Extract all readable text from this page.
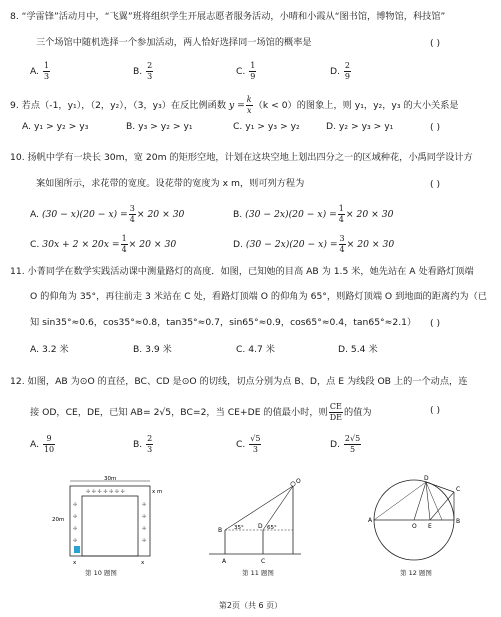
8. “学雷锋”活动月中，“飞翼”班将组织学生开展志愿者服务活动，小晴和小霞从“图书馆，博物馆，科技馆”
三个场馆中随机选择一个参加活动，两人恰好选择同一场馆的概率是	( )
A. $\frac{1}{3}$	B. $\frac{2}{3}$	C. $\frac{1}{9}$	D. $\frac{2}{9}$
9. 若点（-1，y₁），（2，y₂），（3，y₃）在反比例函数 $y = \frac{k}{x} (k < 0)$的图象上，则 y₁，y₂，y₃ 的大小关系是
A. y₁ > y₂ > y₃	B. y₃ > y₂ > y₁	C. y₁ > y₃ > y₂	D. y₂ > y₃ > y₁	( )
10. 扬帆中学有一块长 30m，宽 20m 的矩形空地，计划在这块空地上划出四分之一的区域种花，小禹同学设计方
案如图所示，求花带的宽度。设花带的宽度为 x m，则可列方程为	( )
A. $(30 - x)(20 - x) = \frac{3}{4} \times 20 \times 30$	B. $(30 - 2x)(20 - x) = \frac{1}{4} \times 20 \times 30$
C. $30x + 2 \times 20x = \frac{1}{4} \times 20 \times 30$	D. $(30 - 2x)(20 - x) = \frac{3}{4} \times 20 \times 30$
11. 小菁同学在数学实践活动课中测量路灯的高度．如图，已知她的目高 AB 为 1.5 米，她先站在 A 处看路灯顶端
O 的仰角为 35°，再往前走 3 米站在 C 处，看路灯顶端 O 的仰角为 65°，则路灯顶端 O 到地面的距离约为（已
知 sin35°≈0.6，cos35°≈0.8，tan35°≈0.7，sin65°≈0.9，cos65°≈0.4，tan65°≈2.1） ( )
A. 3.2 米	B. 3.9 米	C. 4.7 米	D. 5.4 米
12. 如图，AB 为⊙O 的直径，BC、CD 是⊙O 的切线，切点分别为点 B、D，点 E 为线段 OB 上的一个动点，连
接 OD，CE，DE，已知 AB= 2√5，BC=2，当 CE+DE 的值最小时，则 $\frac{CE}{DE}$ 的值为	( )
A. $\frac{9}{10}$	B. $\frac{2}{3}$	C. $\frac{√5}{3}$	D. $\frac{2√5}{5}$
30m
20m
x m
x	x
✢ ✢ ✢ ✢ ✢ ✢ ✢
✢
✢
✢
✢
✢
✢
✢
✢
第 10 题图
O
B
D
A	C
35°	65°
第 11 题图
A	B
C
D
O E
第 12 题图
第2页（共 6 页）
